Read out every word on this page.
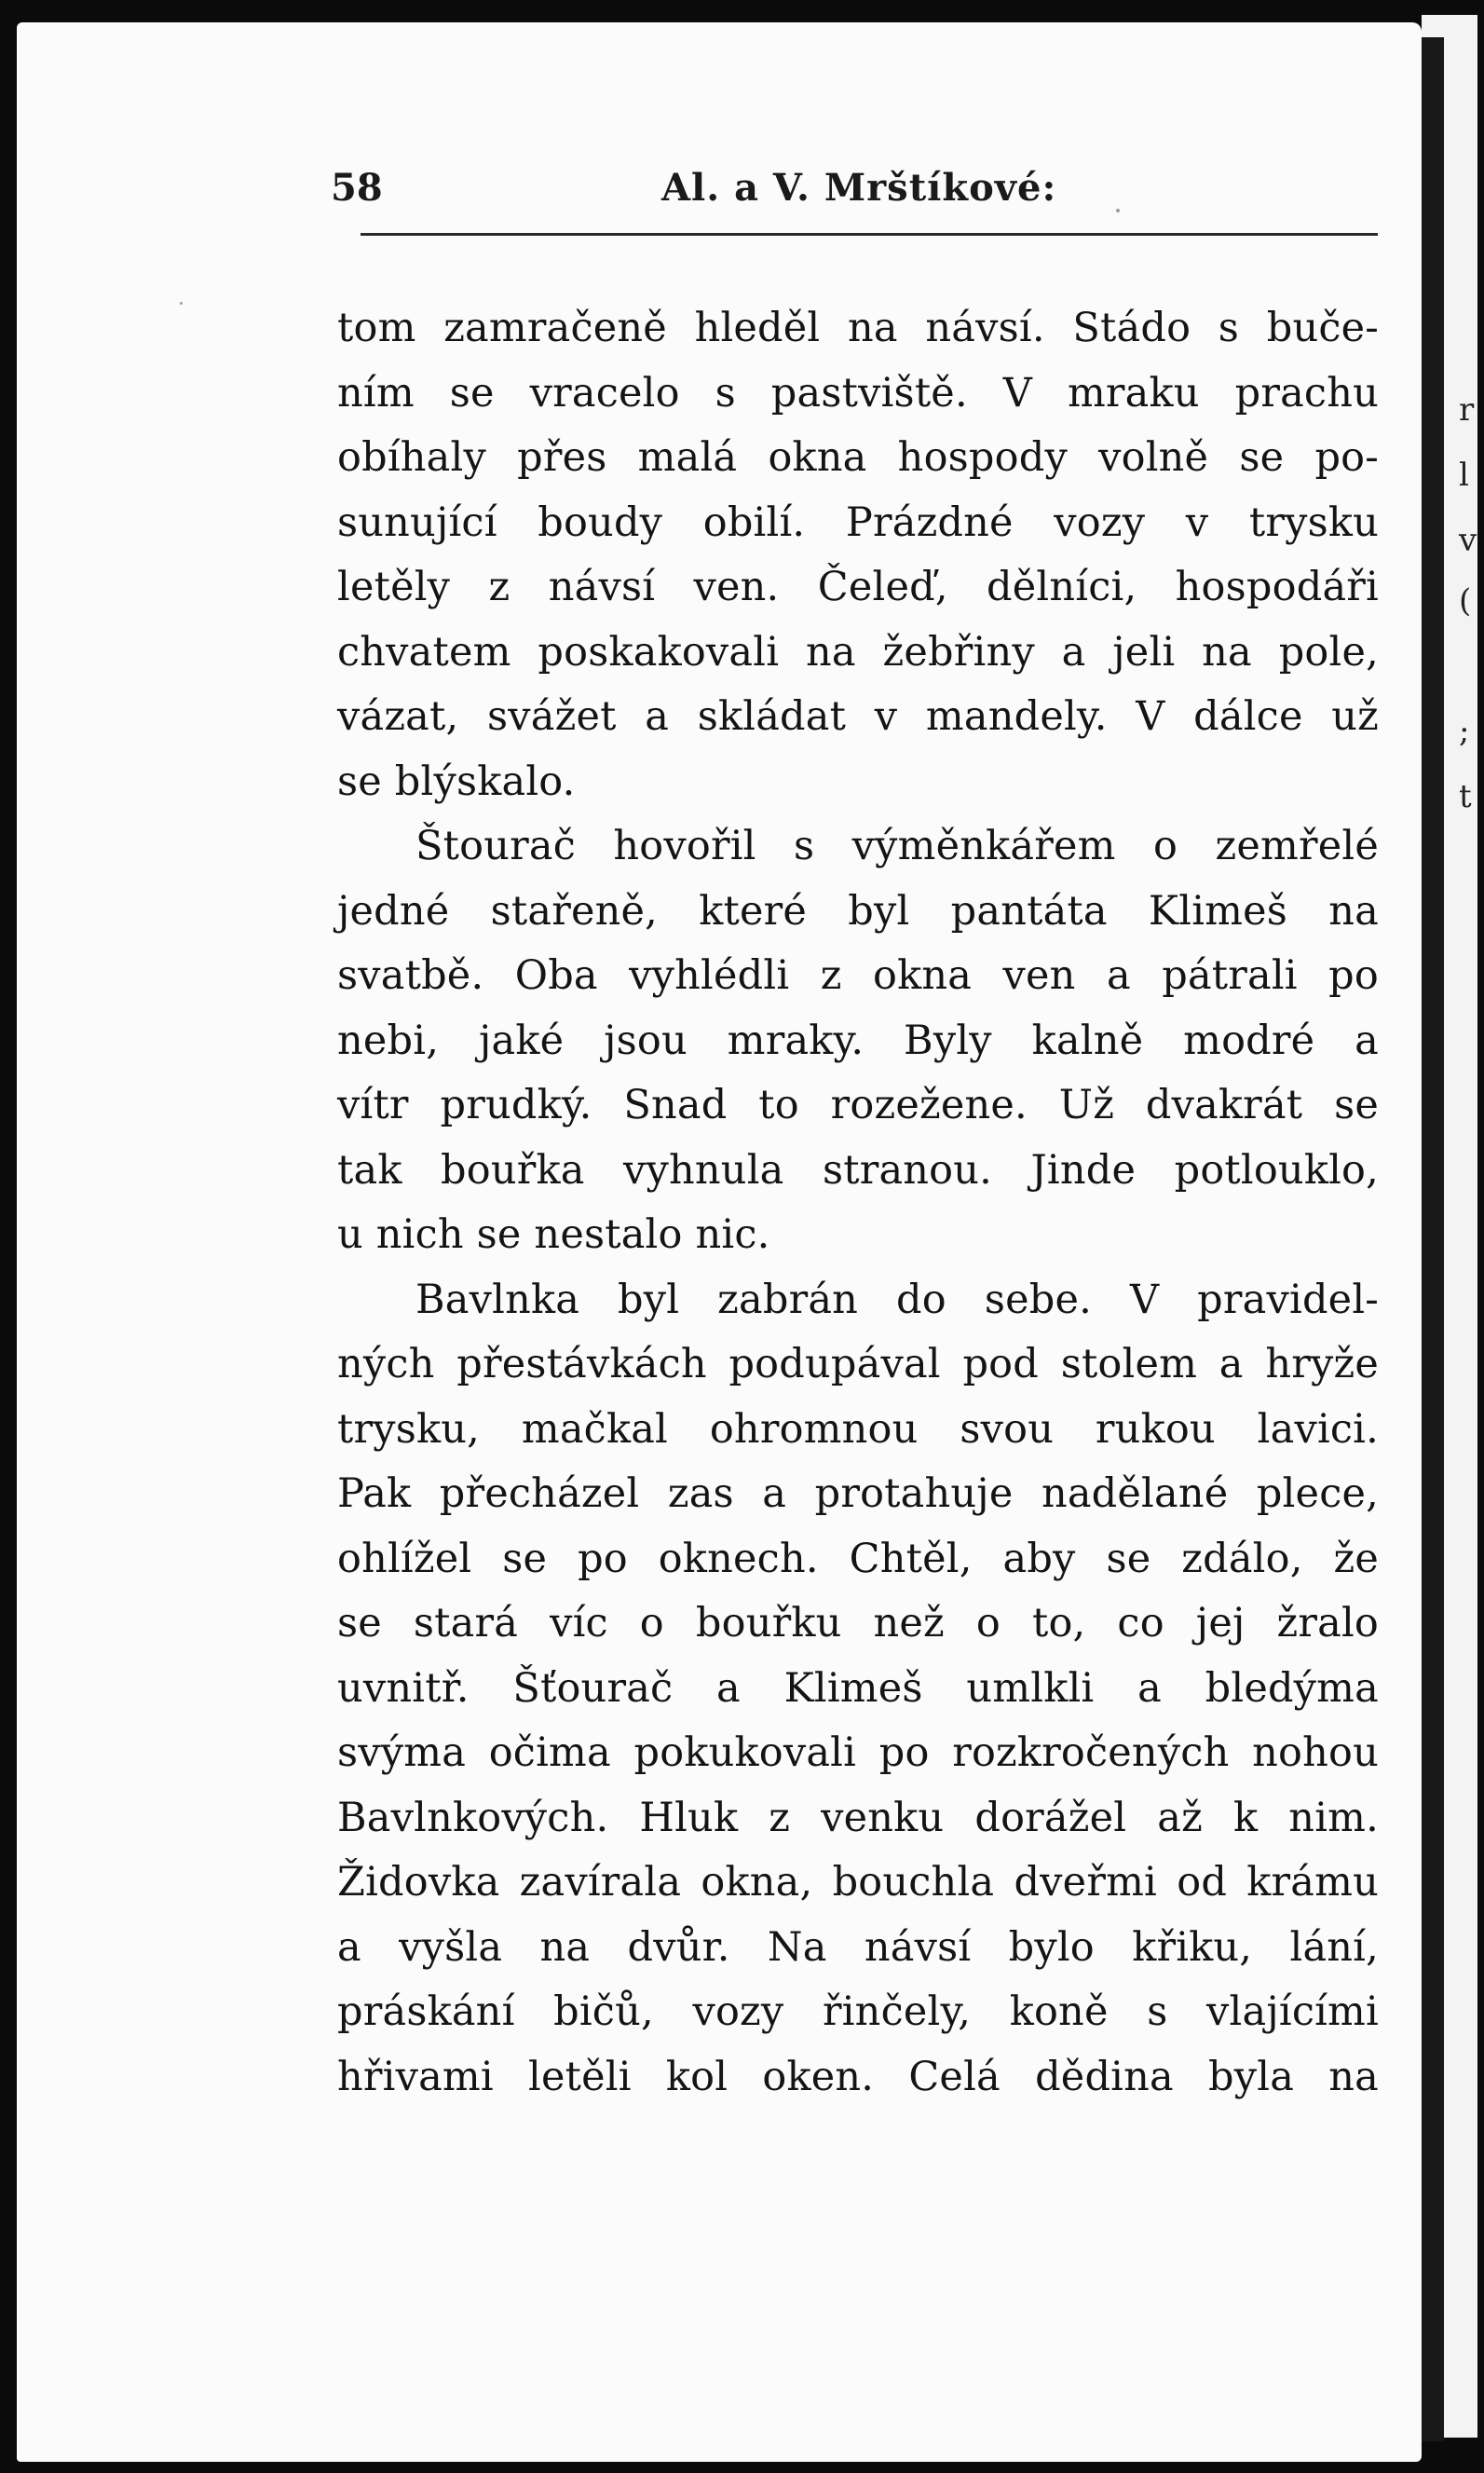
r
l
v
(
;
t
58	Al. a V. Mrštíkové:
tom zamračeně hleděl na návsí. Stádo s buče-
ním se vracelo s pastviště. V mraku prachu
obíhaly přes malá okna hospody volně se po-
sunující boudy obilí. Prázdné vozy v trysku
letěly z návsí ven. Čeleď, dělníci, hospodáři
chvatem poskakovali na žebřiny a jeli na pole,
vázat, svážet a skládat v mandely. V dálce už
se blýskalo.
Štourač hovořil s výměnkářem o zemřelé
jedné stařeně, které byl pantáta Klimeš na
svatbě. Oba vyhlédli z okna ven a pátrali po
nebi, jaké jsou mraky. Byly kalně modré a
vítr prudký. Snad to rozežene. Už dvakrát se
tak bouřka vyhnula stranou. Jinde potlouklo,
u nich se nestalo nic.
Bavlnka byl zabrán do sebe. V pravidel-
ných přestávkách podupával pod stolem a hryže
trysku, mačkal ohromnou svou rukou lavici.
Pak přecházel zas a protahuje nadělané plece,
ohlížel se po oknech. Chtěl, aby se zdálo, že
se stará víc o bouřku než o to, co jej žralo
uvnitř. Šťourač a Klimeš umlkli a bledýma
svýma očima pokukovali po rozkročených nohou
Bavlnkových. Hluk z venku dorážel až k nim.
Židovka zavírala okna, bouchla dveřmi od krámu
a vyšla na dvůr. Na návsí bylo křiku, lání,
práskání bičů, vozy řinčely, koně s vlajícími
hřivami letěli kol oken. Celá dědina byla na
